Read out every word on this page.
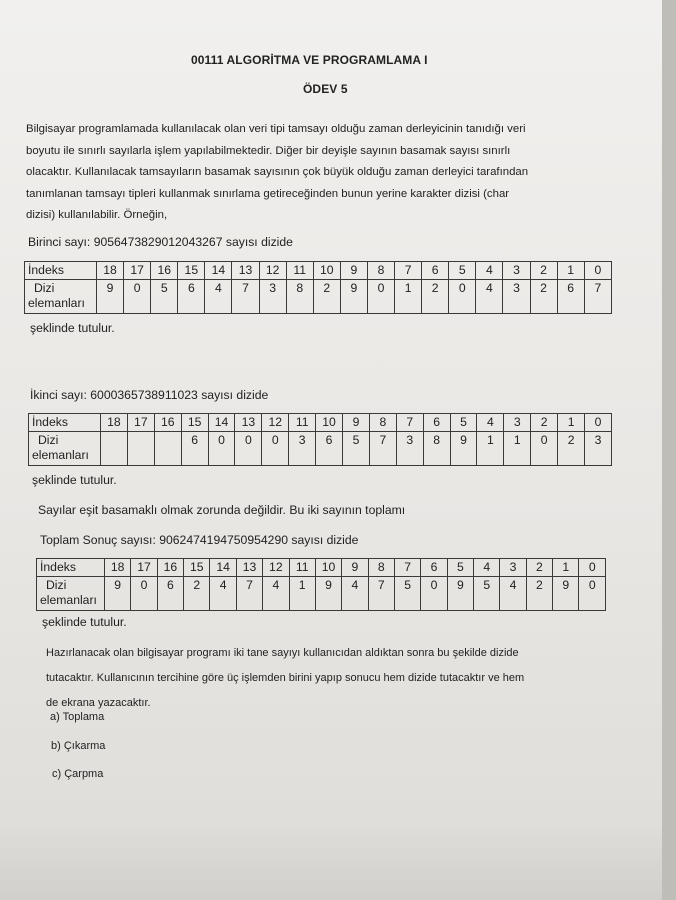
00111 ALGORİTMA VE PROGRAMLAMA I
ÖDEV 5
Bilgisayar programlamada kullanılacak olan veri tipi tamsayı olduğu zaman derleyicinin tanıdığı veri
boyutu ile sınırlı sayılarla işlem yapılabilmektedir. Diğer bir deyişle sayının basamak sayısı sınırlı
olacaktır. Kullanılacak tamsayıların basamak sayısının çok büyük olduğu zaman derleyici tarafından
tanımlanan tamsayı tipleri kullanmak sınırlama getireceğinden bunun yerine karakter dizisi (char
dizisi) kullanılabilir. Örneğin,
Birinci sayı: 9056473829012043267 sayısı dizide
İndeks	18	17	16	15	14	13	12	11	10	9	8	7	6	5	4	3	2	1	0

Dizi
elemanları	9	0	5	6	4	7	3	8	2	9	0	1	2	0	4	3	2	6	7
şeklinde tutulur.
İkinci sayı: 6000365738911023 sayısı dizide
İndeks	18	17	16	15	14	13	12	11	10	9	8	7	6	5	4	3	2	1	0

Dizi
elemanları				6	0	0	0	3	6	5	7	3	8	9	1	1	0	2	3
şeklinde tutulur.
Sayılar eşit basamaklı olmak zorunda değildir. Bu iki sayının toplamı
Toplam Sonuç sayısı: 9062474194750954290 sayısı dizide
İndeks	18	17	16	15	14	13	12	11	10	9	8	7	6	5	4	3	2	1	0

Dizi
elemanları	9	0	6	2	4	7	4	1	9	4	7	5	0	9	5	4	2	9	0
şeklinde tutulur.
Hazırlanacak olan bilgisayar programı iki tane sayıyı kullanıcıdan aldıktan sonra bu şekilde dizide
tutacaktır. Kullanıcının tercihine göre üç işlemden birini yapıp sonucu hem dizide tutacaktır ve hem
de ekrana yazacaktır.
a) Toplama
b) Çıkarma
c) Çarpma
